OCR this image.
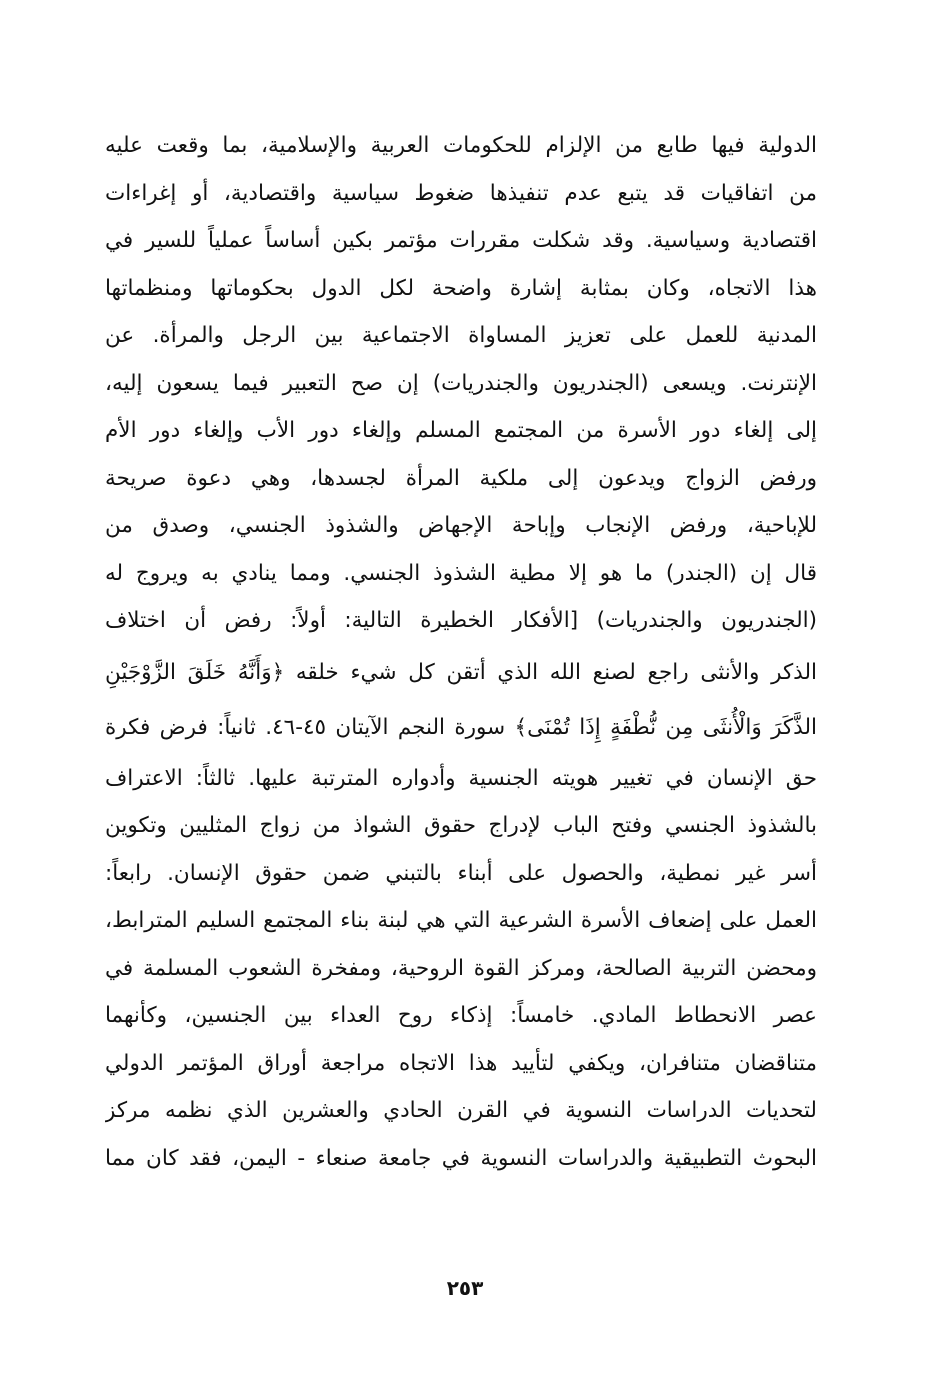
الدولية فيها طابع من الإلزام للحكومات العربية والإسلامية، بما وقعت عليه
من اتفاقيات قد يتبع عدم تنفيذها ضغوط سياسية واقتصادية، أو إغراءات
اقتصادية وسياسية. وقد شكلت مقررات مؤتمر بكين أساساً عملياً للسير في
هذا الاتجاه، وكان بمثابة إشارة واضحة لكل الدول بحكوماتها ومنظماتها
المدنية للعمل على تعزيز المساواة الاجتماعية بين الرجل والمرأة. عن
الإنترنت. ويسعى (الجندريون والجندريات) إن صح التعبير فيما يسعون إليه،
إلى إلغاء دور الأسرة من المجتمع المسلم وإلغاء دور الأب وإلغاء دور الأم
ورفض الزواج ويدعون إلى ملكية المرأة لجسدها، وهي دعوة صريحة
للإباحية، ورفض الإنجاب وإباحة الإجهاض والشذوذ الجنسي، وصدق من
قال إن (الجندر) ما هو إلا مطية الشذوذ الجنسي. ومما ينادي به ويروج له
(الجندريون والجندريات) [الأفكار الخطيرة التالية: أولاً: رفض أن اختلاف
الذكر والأنثى راجع لصنع الله الذي أتقن كل شيء خلقه ﴿وَأَنَّهُ خَلَقَ الزَّوْجَيْنِ
الذَّكَرَ وَالْأُنثَى مِن نُّطْفَةٍ إِذَا تُمْنَى﴾ سورة النجم الآيتان ٤٥-٤٦. ثانياً: فرض فكرة
حق الإنسان في تغيير هويته الجنسية وأدواره المترتبة عليها. ثالثاً: الاعتراف
بالشذوذ الجنسي وفتح الباب لإدراج حقوق الشواذ من زواج المثليين وتكوين
أسر غير نمطية، والحصول على أبناء بالتبني ضمن حقوق الإنسان. رابعاً:
العمل على إضعاف الأسرة الشرعية التي هي لبنة بناء المجتمع السليم المترابط،
ومحضن التربية الصالحة، ومركز القوة الروحية، ومفخرة الشعوب المسلمة في
عصر الانحطاط المادي. خامساً: إذكاء روح العداء بين الجنسين، وكأنهما
متناقضان متنافران، ويكفي لتأييد هذا الاتجاه مراجعة أوراق المؤتمر الدولي
لتحديات الدراسات النسوية في القرن الحادي والعشرين الذي نظمه مركز
البحوث التطبيقية والدراسات النسوية في جامعة صنعاء - اليمن، فقد كان مما
٢٥٣
